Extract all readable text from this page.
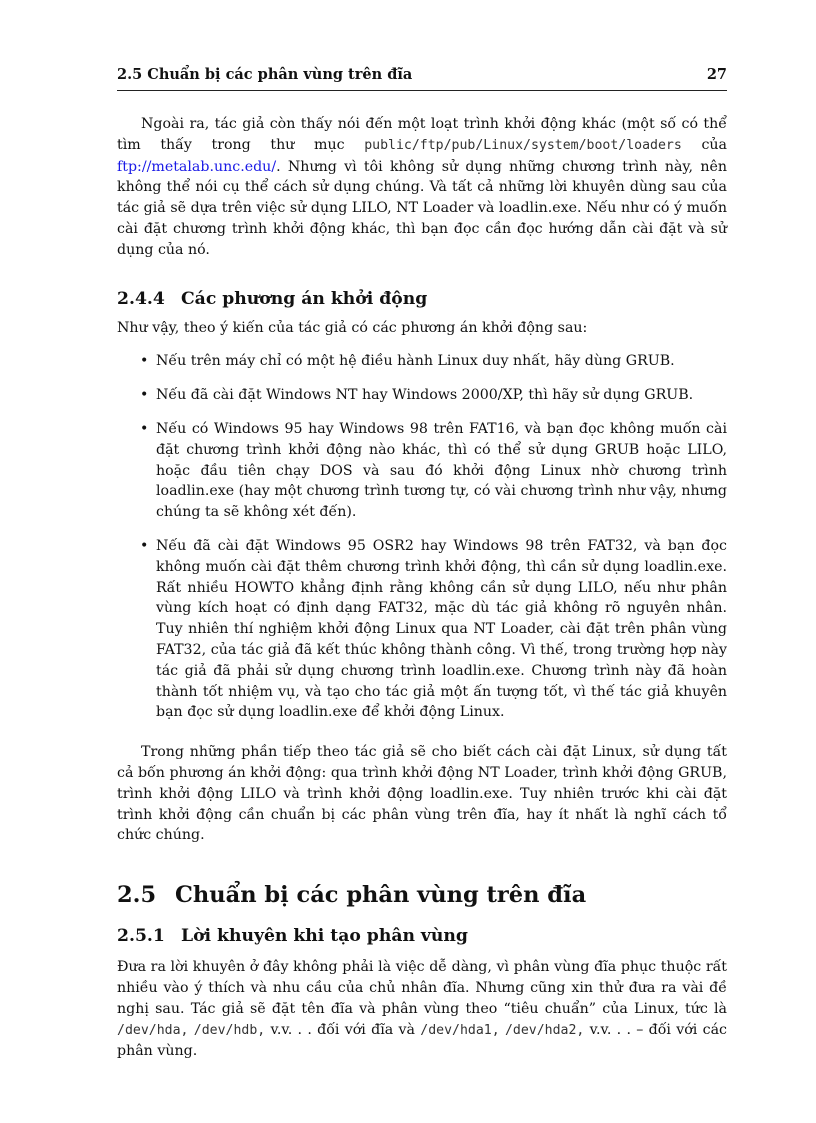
2.5 Chuẩn bị các phân vùng trên đĩa	27

Ngoài ra, tác giả còn thấy nói đến một loạt trình khởi động khác (một số có thể tìm thấy trong thư mục public/ftp/pub/Linux/system/boot/loaders của ftp://metalab.unc.edu/. Nhưng vì tôi không sử dụng những chương trình này, nên không thể nói cụ thể cách sử dụng chúng. Và tất cả những lời khuyên dùng sau của tác giả sẽ dựa trên việc sử dụng LILO, NT Loader và loadlin.exe. Nếu như có ý muốn cài đặt chương trình khởi động khác, thì bạn đọc cần đọc hướng dẫn cài đặt và sử dụng của nó.

2.4.4 Các phương án khởi động

Như vậy, theo ý kiến của tác giả có các phương án khởi động sau:

• Nếu trên máy chỉ có một hệ điều hành Linux duy nhất, hãy dùng GRUB.
• Nếu đã cài đặt Windows NT hay Windows 2000/XP, thì hãy sử dụng GRUB.
• Nếu có Windows 95 hay Windows 98 trên FAT16, và bạn đọc không muốn cài đặt chương trình khởi động nào khác, thì có thể sử dụng GRUB hoặc LILO, hoặc đầu tiên chạy DOS và sau đó khởi động Linux nhờ chương trình loadlin.exe (hay một chương trình tương tự, có vài chương trình như vậy, nhưng chúng ta sẽ không xét đến).
• Nếu đã cài đặt Windows 95 OSR2 hay Windows 98 trên FAT32, và bạn đọc không muốn cài đặt thêm chương trình khởi động, thì cần sử dụng loadlin.exe. Rất nhiều HOWTO khẳng định rằng không cần sử dụng LILO, nếu như phân vùng kích hoạt có định dạng FAT32, mặc dù tác giả không rõ nguyên nhân. Tuy nhiên thí nghiệm khởi động Linux qua NT Loader, cài đặt trên phân vùng FAT32, của tác giả đã kết thúc không thành công. Vì thế, trong trường hợp này tác giả đã phải sử dụng chương trình loadlin.exe. Chương trình này đã hoàn thành tốt nhiệm vụ, và tạo cho tác giả một ấn tượng tốt, vì thế tác giả khuyên bạn đọc sử dụng loadlin.exe để khởi động Linux.

Trong những phần tiếp theo tác giả sẽ cho biết cách cài đặt Linux, sử dụng tất cả bốn phương án khởi động: qua trình khởi động NT Loader, trình khởi động GRUB, trình khởi động LILO và trình khởi động loadlin.exe. Tuy nhiên trước khi cài đặt trình khởi động cần chuẩn bị các phân vùng trên đĩa, hay ít nhất là nghĩ cách tổ chức chúng.

2.5 Chuẩn bị các phân vùng trên đĩa
2.5.1 Lời khuyên khi tạo phân vùng

Đưa ra lời khuyên ở đây không phải là việc dễ dàng, vì phân vùng đĩa phục thuộc rất nhiều vào ý thích và nhu cầu của chủ nhân đĩa. Nhưng cũng xin thử đưa ra vài đề nghị sau. Tác giả sẽ đặt tên đĩa và phân vùng theo “tiêu chuẩn” của Linux, tức là /dev/hda, /dev/hdb, v.v. . . đối với đĩa và /dev/hda1, /dev/hda2, v.v. . . – đối với các phân vùng.
